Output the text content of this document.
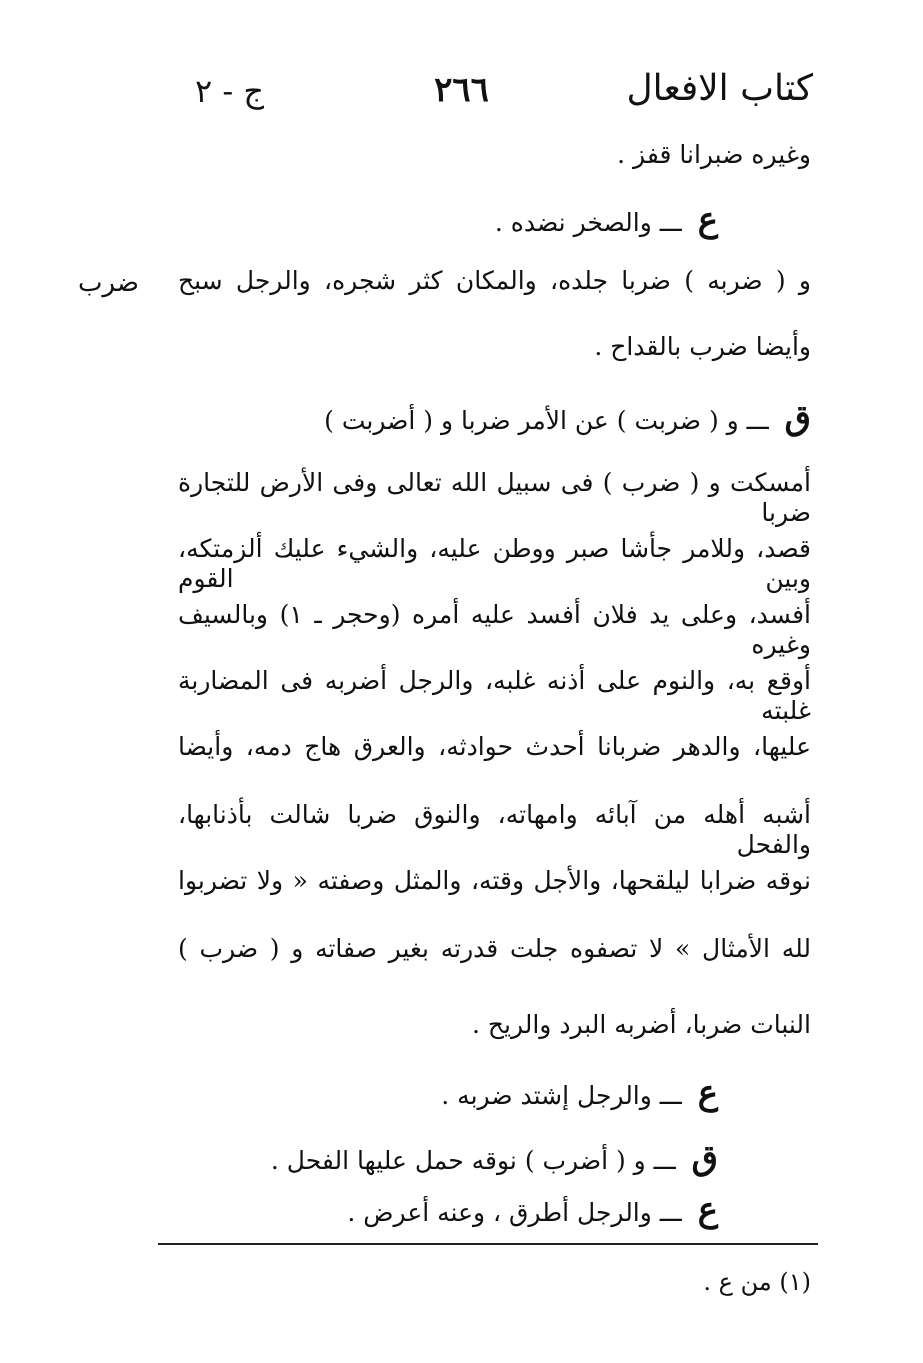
كتاب الافعال
٢٦٦
ج - ٢
ضرب
وغيره ضبرانا قفز .
ع ـــ والصخر نضده .
و ( ضربه ) ضربا جلده، والمكان كثر شجره، والرجل سبح
وأيضا ضرب بالقداح .
ق ـــ و ( ضربت ) عن الأمر ضربا و ( أضربت )
أمسكت و ( ضرب ) فى سبيل الله تعالى وفى الأرض للتجارة ضربا
قصد، وللامر جأشا صبر ووطن عليه، والشيء عليك ألزمتكه، وبين القوم
أفسد، وعلى يد فلان أفسد عليه أمره (وحجر ـ ١) وبالسيف وغيره
أوقع به، والنوم على أذنه غلبه، والرجل أضربه فى المضاربة غلبته
عليها، والدهر ضربانا أحدث حوادثه، والعرق هاج دمه، وأيضا
أشبه أهله من آبائه وامهاته، والنوق ضربا شالت بأذنابها، والفحل
نوقه ضرابا ليلقحها، والأجل وقته، والمثل وصفته « ولا تضربوا
لله الأمثال » لا تصفوه جلت قدرته بغير صفاته و ( ضرب )
النبات ضربا، أضربه البرد والريح .
ع ـــ والرجل إشتد ضربه .
ق ـــ و ( أضرب ) نوقه حمل عليها الفحل .
ع ـــ والرجل أطرق ، وعنه أعرض .
(١) من ع .
